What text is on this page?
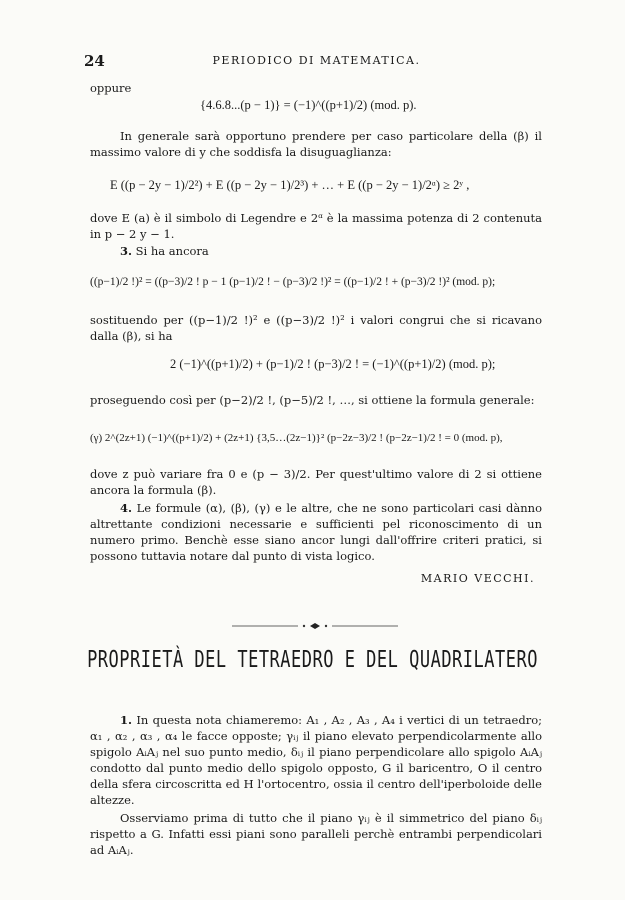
24	PERIODICO DI MATEMATICA.
oppure
{4.6.8...(p − 1)} = (−1)^((p+1)/2) (mod. p).
In generale sarà opportuno prendere per caso particolare della (β) il massimo valore di y che soddisfa la disuguaglianza:
E ((p − 2y − 1)/2²) + E ((p − 2y − 1)/2³) + … + E ((p − 2y − 1)/2ᵅ) ≥ 2ʸ ,
dove E (a) è il simbolo di Legendre e 2ᵅ è la massima potenza di 2 contenuta in p − 2 y − 1.
3. Si ha ancora
((p−1)/2 !)² = ((p−3)/2 ! p − 1 (p−1)/2 ! − (p−3)/2 !)² = ((p−1)/2 ! + (p−3)/2 !)² (mod. p);
sostituendo per ((p−1)/2 !)² e ((p−3)/2 !)² i valori congrui che si ricavano dalla (β), si ha
2 (−1)^((p+1)/2) + (p−1)/2 ! (p−3)/2 ! = (−1)^((p+1)/2) (mod. p);
proseguendo così per (p−2)/2 !, (p−5)/2 !, …, si ottiene la formula generale:
(γ) 2^(2z+1) (−1)^((p+1)/2) + (2z+1) {3,5…(2z−1)}² (p−2z−3)/2 ! (p−2z−1)/2 ! = 0 (mod. p),
dove z può variare fra 0 e (p − 3)/2. Per quest'ultimo valore di 2 si ottiene ancora la formula (β).
4. Le formule (α), (β), (γ) e le altre, che ne sono particolari casi dànno altrettante condizioni necessarie e sufficienti pel riconoscimento di un numero primo. Benchè esse siano ancor lungi dall'offrire criteri pratici, si possono tuttavia notare dal punto di vista logico.
MARIO VECCHI.
PROPRIETÀ DEL TETRAEDRO E DEL QUADRILATERO
1. In questa nota chiameremo: A₁ , A₂ , A₃ , A₄ i vertici di un tetraedro; α₁ , α₂ , α₃ , α₄ le facce opposte; γᵢⱼ il piano elevato perpendicolarmente allo spigolo AᵢAⱼ nel suo punto medio, δᵢⱼ il piano perpendicolare allo spigolo AᵢAⱼ condotto dal punto medio dello spigolo opposto, G il baricentro, O il centro della sfera circoscritta ed H l'ortocentro, ossia il centro dell'iperboloide delle altezze.
Osserviamo prima di tutto che il piano γᵢⱼ è il simmetrico del piano δᵢⱼ rispetto a G. Infatti essi piani sono paralleli perchè entrambi perpendicolari ad AᵢAⱼ.
